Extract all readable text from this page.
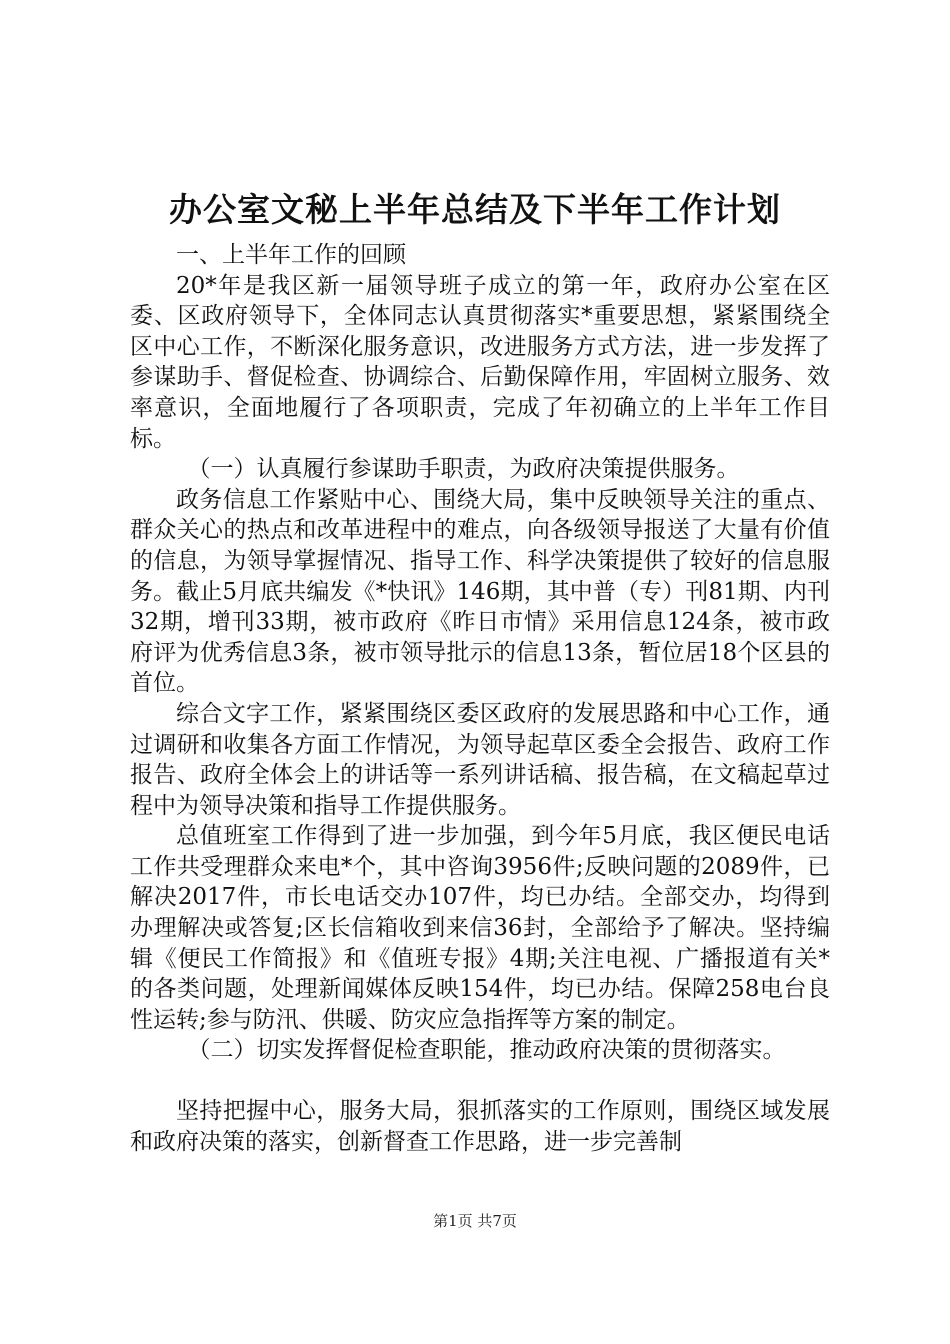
办公室文秘上半年总结及下半年工作计划

一、上半年工作的回顾

20*年是我区新一届领导班子成立的第一年，政府办公室在区委、区政府领导下，全体同志认真贯彻落实*重要思想，紧紧围绕全区中心工作，不断深化服务意识，改进服务方式方法，进一步发挥了参谋助手、督促检查、协调综合、后勤保障作用，牢固树立服务、效率意识，全面地履行了各项职责，完成了年初确立的上半年工作目标。

（一）认真履行参谋助手职责，为政府决策提供服务。

政务信息工作紧贴中心、围绕大局，集中反映领导关注的重点、群众关心的热点和改革进程中的难点，向各级领导报送了大量有价值的信息，为领导掌握情况、指导工作、科学决策提供了较好的信息服务。截止5月底共编发《*快讯》146期，其中普（专）刊81期、内刊32期，增刊33期，被市政府《昨日市情》采用信息124条，被市政府评为优秀信息3条，被市领导批示的信息13条，暂位居18个区县的首位。

综合文字工作，紧紧围绕区委区政府的发展思路和中心工作，通过调研和收集各方面工作情况，为领导起草区委全会报告、政府工作报告、政府全体会上的讲话等一系列讲话稿、报告稿，在文稿起草过程中为领导决策和指导工作提供服务。

总值班室工作得到了进一步加强，到今年5月底，我区便民电话工作共受理群众来电*个，其中咨询3956件;反映问题的2089件，已解决2017件，市长电话交办107件，均已办结。全部交办，均得到办理解决或答复;区长信箱收到来信36封，全部给予了解决。坚持编辑《便民工作简报》和《值班专报》4期;关注电视、广播报道有关*的各类问题，处理新闻媒体反映154件，均已办结。保障258电台良性运转;参与防汛、供暖、防灾应急指挥等方案的制定。

（二）切实发挥督促检查职能，推动政府决策的贯彻落实。

坚持把握中心，服务大局，狠抓落实的工作原则，围绕区域发展和政府决策的落实，创新督查工作思路，进一步完善制

第1页 共7页
